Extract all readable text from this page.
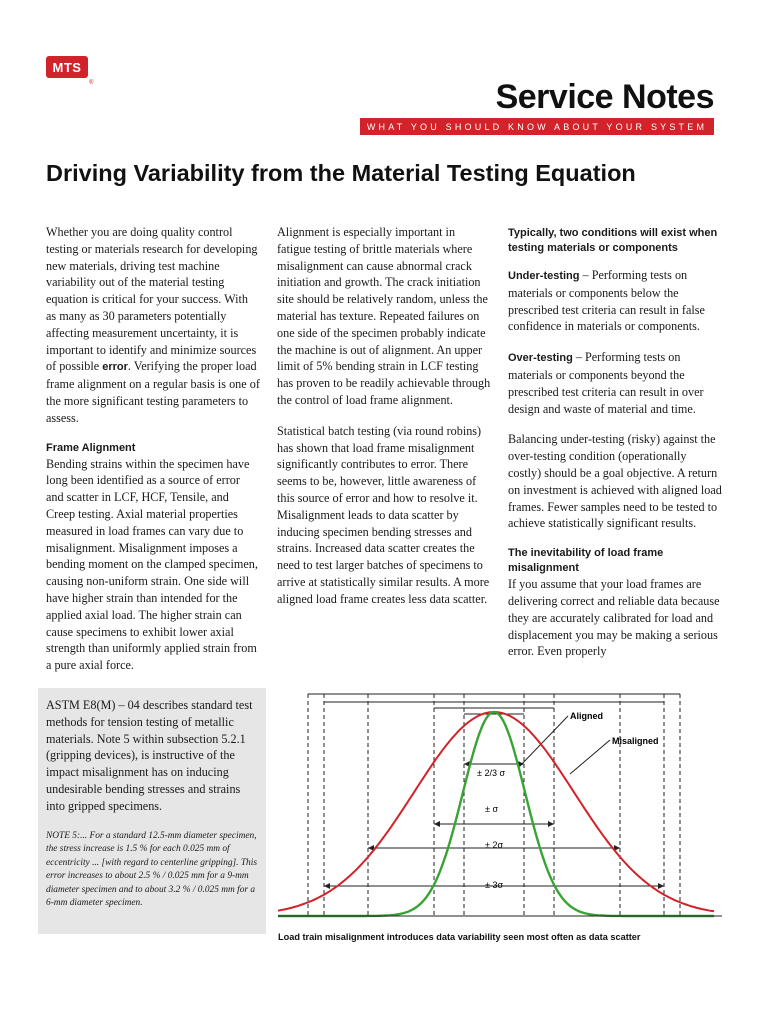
MTS
®	Service Notes
WHAT YOU SHOULD KNOW ABOUT YOUR SYSTEM
Driving Variability from the Material Testing Equation

Whether you are doing quality control testing or materials research for developing new materials, driving test machine variability out of the material testing equation is critical for your success. With as many as 30 parameters potentially affecting measurement uncertainty, it is important to identify and minimize sources of possible error. Verifying the proper load frame alignment on a regular basis is one of the more significant testing parameters to assess.

Frame Alignment

Bending strains within the specimen have long been identified as a source of error and scatter in LCF, HCF, Tensile, and Creep testing. Axial material properties measured in load frames can vary due to misalignment. Misalignment imposes a bending moment on the clamped specimen, causing non-uniform strain. One side will have higher strain than intended for the applied axial load. The higher strain can cause specimens to exhibit lower axial strength than uniformly applied strain from a pure axial force.

Alignment is especially important in fatigue testing of brittle materials where misalignment can cause abnormal crack initiation and growth. The crack initiation site should be relatively random, unless the material has texture. Repeated failures on one side of the specimen probably indicate the machine is out of alignment. An upper limit of 5% bending strain in LCF testing has proven to be readily achievable through the control of load frame alignment.

Statistical batch testing (via round robins) has shown that load frame misalignment significantly contributes to error. There seems to be, however, little awareness of this source of error and how to resolve it. Misalignment leads to data scatter by inducing specimen bending stresses and strains. Increased data scatter creates the need to test larger batches of specimens to arrive at statistically similar results. A more aligned load frame creates less data scatter.

Typically, two conditions will exist when testing materials or components

Under-testing – Performing tests on materials or components below the prescribed test criteria can result in false confidence in materials or components.

Over-testing – Performing tests on materials or components beyond the prescribed test criteria can result in over design and waste of material and time.

Balancing under-testing (risky) against the over-testing condition (operationally costly) should be a goal objective. A return on investment is achieved with aligned load frames. Fewer samples need to be tested to achieve statistically significant results.

The inevitability of load frame misalignment

If you assume that your load frames are delivering correct and reliable data because they are accurately calibrated for load and displacement you may be making a serious error. Even properly

ASTM E8(M) – 04 describes standard test methods for tension testing of metallic materials. Note 5 within subsection 5.2.1 (gripping devices), is instructive of the impact misalignment has on inducing undesirable bending stresses and strains into gripped specimens.
NOTE 5:... For a standard 12.5-mm diameter specimen, the stress increase is 1.5 % for each 0.025 mm of eccentricity ... [with regard to centerline gripping]. This error increases to about 2.5 % / 0.025 mm for a 9-mm diameter specimen and to about 3.2 % / 0.025 mm for a 6-mm diameter specimen.
Aligned
Misaligned
± 2/3 σ
± σ
± 2σ
± 3σ
Load train misalignment introduces data variability seen most often as data scatter
